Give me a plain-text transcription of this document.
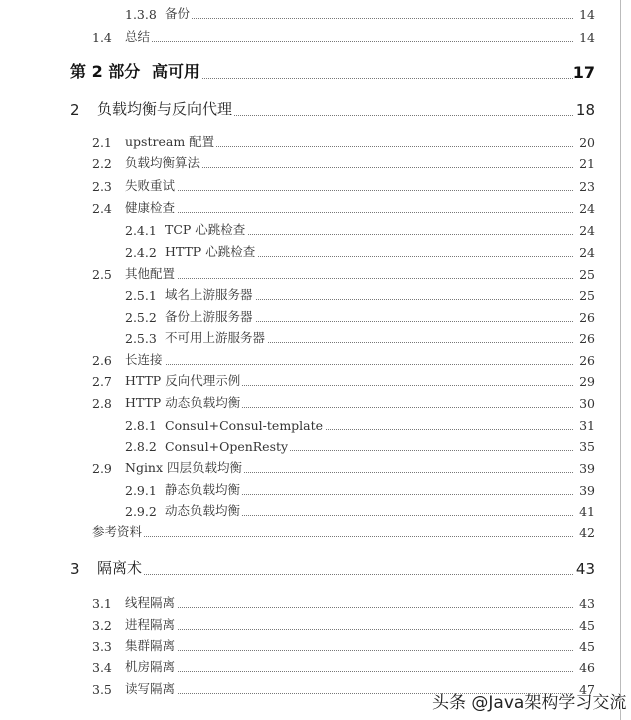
1.3.8 备份	14
1.4 总结	14
第 2 部分 高可用	17
2 负载均衡与反向代理	18
2.1 upstream 配置	20
2.2 负载均衡算法	21
2.3 失败重试	23
2.4 健康检查	24
2.4.1 TCP 心跳检查	24
2.4.2 HTTP 心跳检查	24
2.5 其他配置	25
2.5.1 域名上游服务器	25
2.5.2 备份上游服务器	26
2.5.3 不可用上游服务器	26
2.6 长连接	26
2.7 HTTP 反向代理示例	29
2.8 HTTP 动态负载均衡	30
2.8.1 Consul+Consul-template	31
2.8.2 Consul+OpenResty	35
2.9 Nginx 四层负载均衡	39
2.9.1 静态负载均衡	39
2.9.2 动态负载均衡	41
参考资料	42
3 隔离术	43
3.1 线程隔离	43
3.2 进程隔离	45
3.3 集群隔离	45
3.4 机房隔离	46
3.5 读写隔离	47
头条 @Java架构学习交流
